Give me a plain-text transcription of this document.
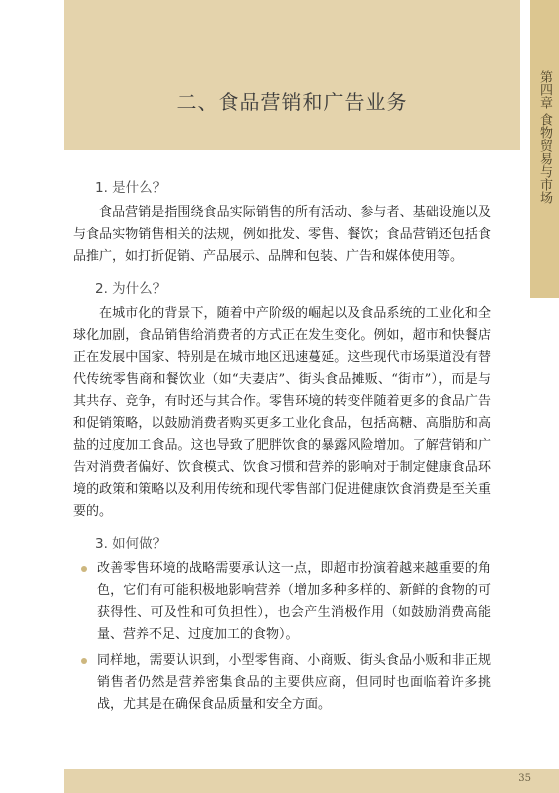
二、食品营销和广告业务	第四章 食物贸易与市场
1. 是什么？

食品营销是指围绕食品实际销售的所有活动、参与者、基础设施以及与食品实物销售相关的法规，例如批发、零售、餐饮；食品营销还包括食品推广，如打折促销、产品展示、品牌和包装、广告和媒体使用等。

2. 为什么？

在城市化的背景下，随着中产阶级的崛起以及食品系统的工业化和全球化加剧，食品销售给消费者的方式正在发生变化。例如，超市和快餐店正在发展中国家、特别是在城市地区迅速蔓延。这些现代市场渠道没有替代传统零售商和餐饮业（如“夫妻店”、街头食品摊贩、“街市”），而是与其共存、竞争，有时还与其合作。零售环境的转变伴随着更多的食品广告和促销策略，以鼓励消费者购买更多工业化食品，包括高糖、高脂肪和高盐的过度加工食品。这也导致了肥胖饮食的暴露风险增加。了解营销和广告对消费者偏好、饮食模式、饮食习惯和营养的影响对于制定健康食品环境的政策和策略以及利用传统和现代零售部门促进健康饮食消费是至关重要的。

3. 如何做？
改善零售环境的战略需要承认这一点，即超市扮演着越来越重要的角色，它们有可能积极地影响营养（增加多种多样的、新鲜的食物的可获得性、可及性和可负担性），也会产生消极作用（如鼓励消费高能量、营养不足、过度加工的食物）。
同样地，需要认识到，小型零售商、小商贩、街头食品小贩和非正规销售者仍然是营养密集食品的主要供应商，但同时也面临着许多挑战，尤其是在确保食品质量和安全方面。
35
